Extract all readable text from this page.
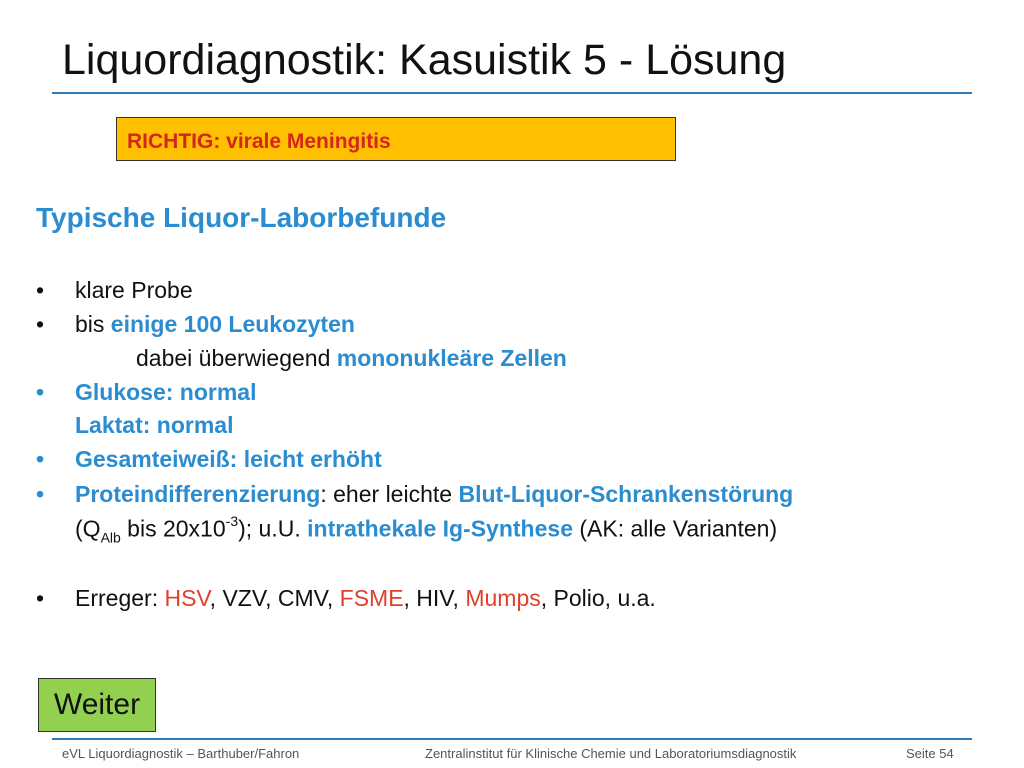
Liquordiagnostik: Kasuistik 5 - Lösung
RICHTIG: virale Meningitis
Typische Liquor-Laborbefunde
• klare Probe
• bis einige 100 Leukozyten
dabei überwiegend mononukleäre Zellen
• Glukose: normal
Laktat: normal
• Gesamteiweiß: leicht erhöht
• Proteindifferenzierung: eher leichte Blut-Liquor-Schrankenstörung
($Q_{Alb}$ bis $20x10^{-3}$); u.U. intrathekale Ig-Synthese (AK: alle Varianten)
• Erreger: HSV, VZV, CMV, FSME, HIV, Mumps, Polio, u.a.
Weiter
eVL Liquordiagnostik – Barthuber/Fahron	Zentralinstitut für Klinische Chemie und Laboratoriumsdiagnostik	Seite 54
